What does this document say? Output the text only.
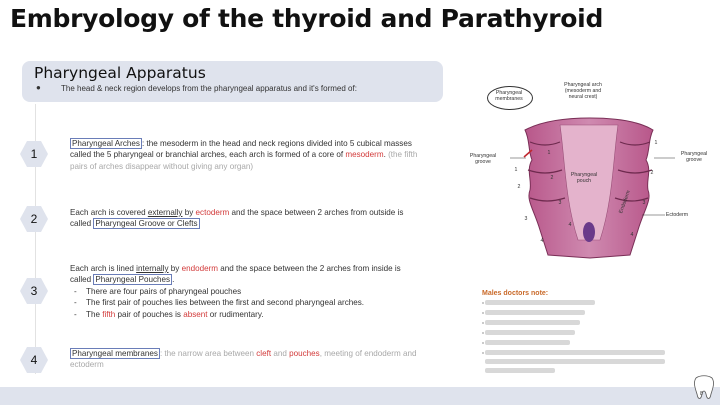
Embryology of the thyroid and Parathyroid
Pharyngeal Apparatus
●	The head & neck region develops from the pharyngeal apparatus and it's formed of:
1
2
3
4
Pharyngeal Arches : the mesoderm in the head and neck regions divided into 5 cubical masses called the 5 pharyngeal or branchial arches, each arch is formed of a core of mesoderm. (the fifth pairs of arches disappear without giving any organ)
Each arch is covered externally by ectoderm and the space between 2 arches from outside is called Pharyngeal Groove or Clefts
Each arch is lined internally by endoderm and the space between the 2 arches from inside is called Pharyngeal Pouches .
- There are four pairs of pharyngeal pouches
- The first pair of pouches lies between the first and second pharyngeal arches.
- The fifth pair of pouches is absent or rudimentary.
Pharyngeal membranes : the narrow area between cleft and pouches, meeting of endoderm and ectoderm
Pharyngeal membranes
Pharyngeal arch (mesoderm and neural crest)
Pharyngeal groove
Pharyngeal groove
Pharyngeal pouch
Endoderm
Ectoderm
1
2
3
4
1
2
3
4
1
2
3
4
Males doctors note:
8
